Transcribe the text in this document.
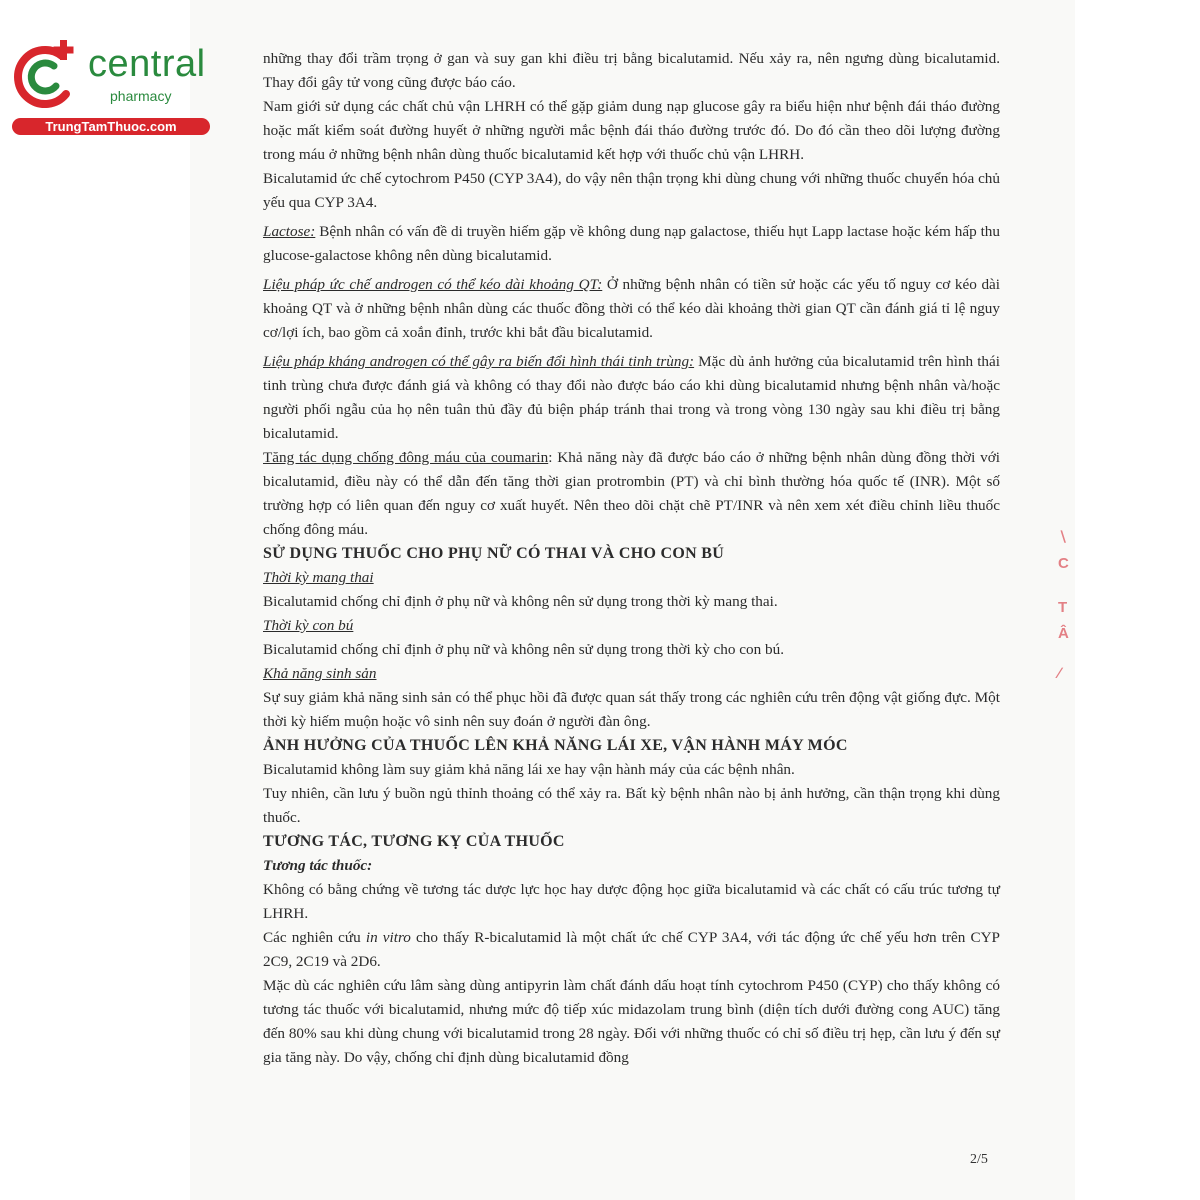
central
pharmacy
TrungTamThuoc.com
∖
C
T
Â
∕

những thay đổi trầm trọng ở gan và suy gan khi điều trị bằng bicalutamid. Nếu xảy ra, nên ngưng dùng bicalutamid. Thay đổi gây tử vong cũng được báo cáo.

Nam giới sử dụng các chất chủ vận LHRH có thể gặp giảm dung nạp glucose gây ra biểu hiện như bệnh đái tháo đường hoặc mất kiểm soát đường huyết ở những người mắc bệnh đái tháo đường trước đó. Do đó cần theo dõi lượng đường trong máu ở những bệnh nhân dùng thuốc bicalutamid kết hợp với thuốc chủ vận LHRH.

Bicalutamid ức chế cytochrom P450 (CYP 3A4), do vậy nên thận trọng khi dùng chung với những thuốc chuyển hóa chủ yếu qua CYP 3A4.

Lactose: Bệnh nhân có vấn đề di truyền hiếm gặp về không dung nạp galactose, thiếu hụt Lapp lactase hoặc kém hấp thu glucose-galactose không nên dùng bicalutamid.

Liệu pháp ức chế androgen có thể kéo dài khoảng QT: Ở những bệnh nhân có tiền sử hoặc các yếu tố nguy cơ kéo dài khoảng QT và ở những bệnh nhân dùng các thuốc đồng thời có thể kéo dài khoảng thời gian QT cần đánh giá tỉ lệ nguy cơ/lợi ích, bao gồm cả xoắn đỉnh, trước khi bắt đầu bicalutamid.

Liệu pháp kháng androgen có thể gây ra biến đổi hình thái tinh trùng: Mặc dù ảnh hưởng của bicalutamid trên hình thái tinh trùng chưa được đánh giá và không có thay đổi nào được báo cáo khi dùng bicalutamid nhưng bệnh nhân và/hoặc người phối ngẫu của họ nên tuân thủ đầy đủ biện pháp tránh thai trong và trong vòng 130 ngày sau khi điều trị bằng bicalutamid.

Tăng tác dụng chống đông máu của coumarin: Khả năng này đã được báo cáo ở những bệnh nhân dùng đồng thời với bicalutamid, điều này có thể dẫn đến tăng thời gian protrombin (PT) và chỉ bình thường hóa quốc tế (INR). Một số trường hợp có liên quan đến nguy cơ xuất huyết. Nên theo dõi chặt chẽ PT/INR và nên xem xét điều chỉnh liều thuốc chống đông máu.

SỬ DỤNG THUỐC CHO PHỤ NỮ CÓ THAI VÀ CHO CON BÚ

Thời kỳ mang thai

Bicalutamid chống chỉ định ở phụ nữ và không nên sử dụng trong thời kỳ mang thai.

Thời kỳ con bú

Bicalutamid chống chỉ định ở phụ nữ và không nên sử dụng trong thời kỳ cho con bú.

Khả năng sinh sản

Sự suy giảm khả năng sinh sản có thể phục hồi đã được quan sát thấy trong các nghiên cứu trên động vật giống đực. Một thời kỳ hiếm muộn hoặc vô sinh nên suy đoán ở người đàn ông.

ẢNH HƯỞNG CỦA THUỐC LÊN KHẢ NĂNG LÁI XE, VẬN HÀNH MÁY MÓC

Bicalutamid không làm suy giảm khả năng lái xe hay vận hành máy của các bệnh nhân.

Tuy nhiên, cần lưu ý buồn ngủ thỉnh thoảng có thể xảy ra. Bất kỳ bệnh nhân nào bị ảnh hưởng, cần thận trọng khi dùng thuốc.

TƯƠNG TÁC, TƯƠNG KỴ CỦA THUỐC

Tương tác thuốc:

Không có bằng chứng về tương tác dược lực học hay dược động học giữa bicalutamid và các chất có cấu trúc tương tự LHRH.

Các nghiên cứu in vitro cho thấy R-bicalutamid là một chất ức chế CYP 3A4, với tác động ức chế yếu hơn trên CYP 2C9, 2C19 và 2D6.

Mặc dù các nghiên cứu lâm sàng dùng antipyrin làm chất đánh dấu hoạt tính cytochrom P450 (CYP) cho thấy không có tương tác thuốc với bicalutamid, nhưng mức độ tiếp xúc midazolam trung bình (diện tích dưới đường cong AUC) tăng đến 80% sau khi dùng chung với bicalutamid trong 28 ngày. Đối với những thuốc có chỉ số điều trị hẹp, cần lưu ý đến sự gia tăng này. Do vậy, chống chỉ định dùng bicalutamid đồng

2/5
